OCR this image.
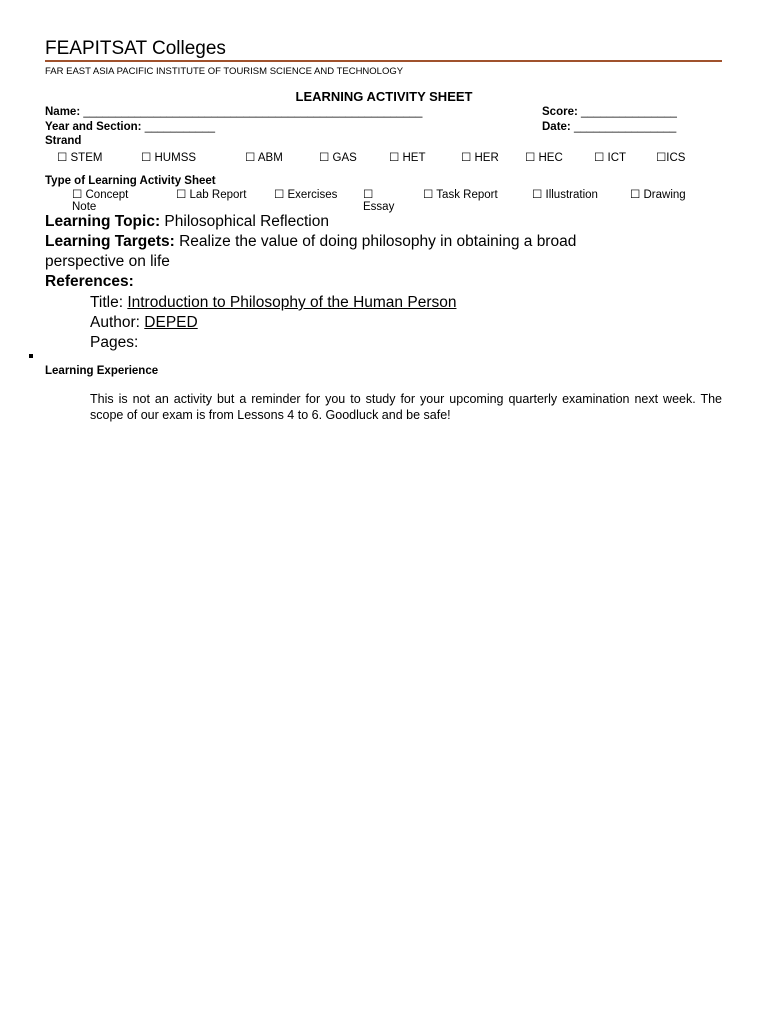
FEAPITSAT Colleges
FAR EAST ASIA PACIFIC INSTITUTE OF TOURISM SCIENCE AND TECHNOLOGY
LEARNING ACTIVITY SHEET
Name: _____________________________________________________	Score: _______________
Year and Section: ___________	Date: ________________
Strand
☐ STEM	☐ HUMSS	☐ ABM	☐ GAS	☐ HET	☐ HER ☐ HEC	☐ ICT	☐ICS
Type of Learning Activity Sheet
☐ Concept
Note
☐ Lab Report ☐ Exercises ☐
Essay
☐ Task Report	☐ Illustration	☐ Drawing
Learning Topic: Philosophical Reflection
Learning Targets: Realize the value of doing philosophy in obtaining a broad
perspective on life
References:
Title: Introduction to Philosophy of the Human Person
Author: DEPED
Pages:
Learning Experience
This is not an activity but a reminder for you to study for your upcoming quarterly examination next week. The scope of our exam is from Lessons 4 to 6. Goodluck and be safe!
